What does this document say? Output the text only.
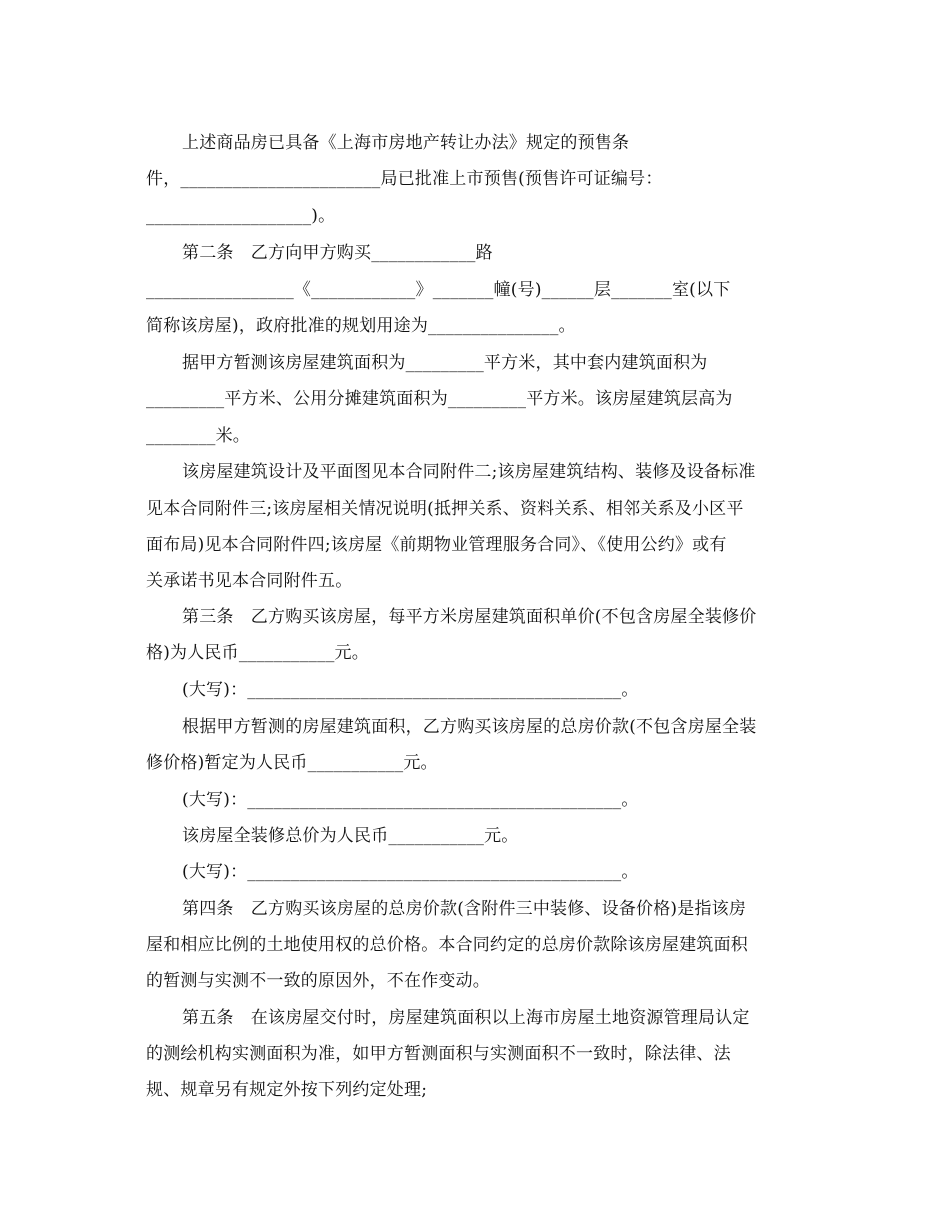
上述商品房已具备《上海市房地产转让办法》规定的预售条
件，_______________________局已批准上市预售(预售许可证编号：
___________________)。
第二条　乙方向甲方购买____________路
_________________《____________》_______幢(号)______层_______室(以下
简称该房屋)，政府批准的规划用途为_______________。
据甲方暂测该房屋建筑面积为_________平方米，其中套内建筑面积为
_________平方米、公用分摊建筑面积为_________平方米。该房屋建筑层高为
________米。
该房屋建筑设计及平面图见本合同附件二;该房屋建筑结构、装修及设备标准
见本合同附件三;该房屋相关情况说明(抵押关系、资料关系、相邻关系及小区平
面布局)见本合同附件四;该房屋《前期物业管理服务合同》、《使用公约》或有
关承诺书见本合同附件五。
第三条　乙方购买该房屋，每平方米房屋建筑面积单价(不包含房屋全装修价
格)为人民币___________元。
(大写)：___________________________________________。
根据甲方暂测的房屋建筑面积，乙方购买该房屋的总房价款(不包含房屋全装
修价格)暂定为人民币___________元。
(大写)：___________________________________________。
该房屋全装修总价为人民币___________元。
(大写)：___________________________________________。
第四条　乙方购买该房屋的总房价款(含附件三中装修、设备价格)是指该房
屋和相应比例的土地使用权的总价格。本合同约定的总房价款除该房屋建筑面积
的暂测与实测不一致的原因外，不在作变动。
第五条　在该房屋交付时，房屋建筑面积以上海市房屋土地资源管理局认定
的测绘机构实测面积为准，如甲方暂测面积与实测面积不一致时，除法律、法
规、规章另有规定外按下列约定处理;
